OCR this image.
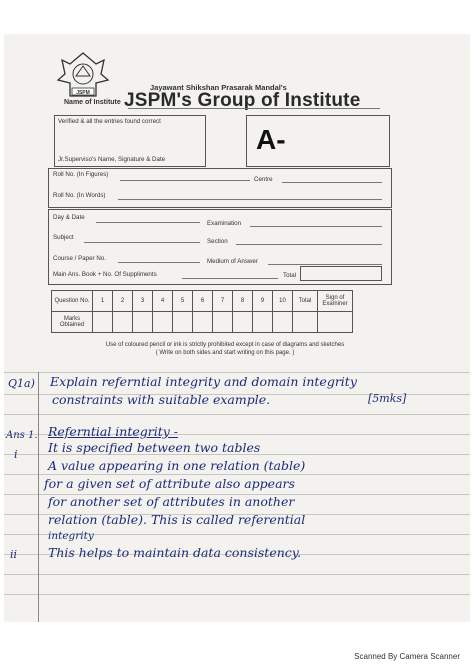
JSPM
Jayawant Shikshan Prasarak Mandal's
JSPM's Group of Institute
Name of Institute
Verified & all the entries found correct
Jr.Superviso's Name, Signature & Date
A-
Roll No. (In Figures)
Centre
Roll No. (In Words)
Day & Date
Examination
Subject
Section
Course / Paper No.	Medium of Answer
Main Ans. Book + No. Of Suppliments	Total
Question No.	1	2	3	4	5	6	7	8	9	10	Total	Sign of Examiner
Marks Obtained												
Use of coloured pencil or ink is strictly prohibited except in case of diagrams and sketches
( Write on both sides and start writing on this page. )
Q1a) Explain referntial integrity and domain integrity
constraints with suitable example.	[5mks]
Ans 1. Referntial integrity -
i It is specified between two tables
A value appearing in one relation (table)
for a given set of attribute also appears
for another set of attributes in another
relation (table). This is called referential
integrity
ii This helps to maintain data consistency.
Scanned By Camera Scanner
